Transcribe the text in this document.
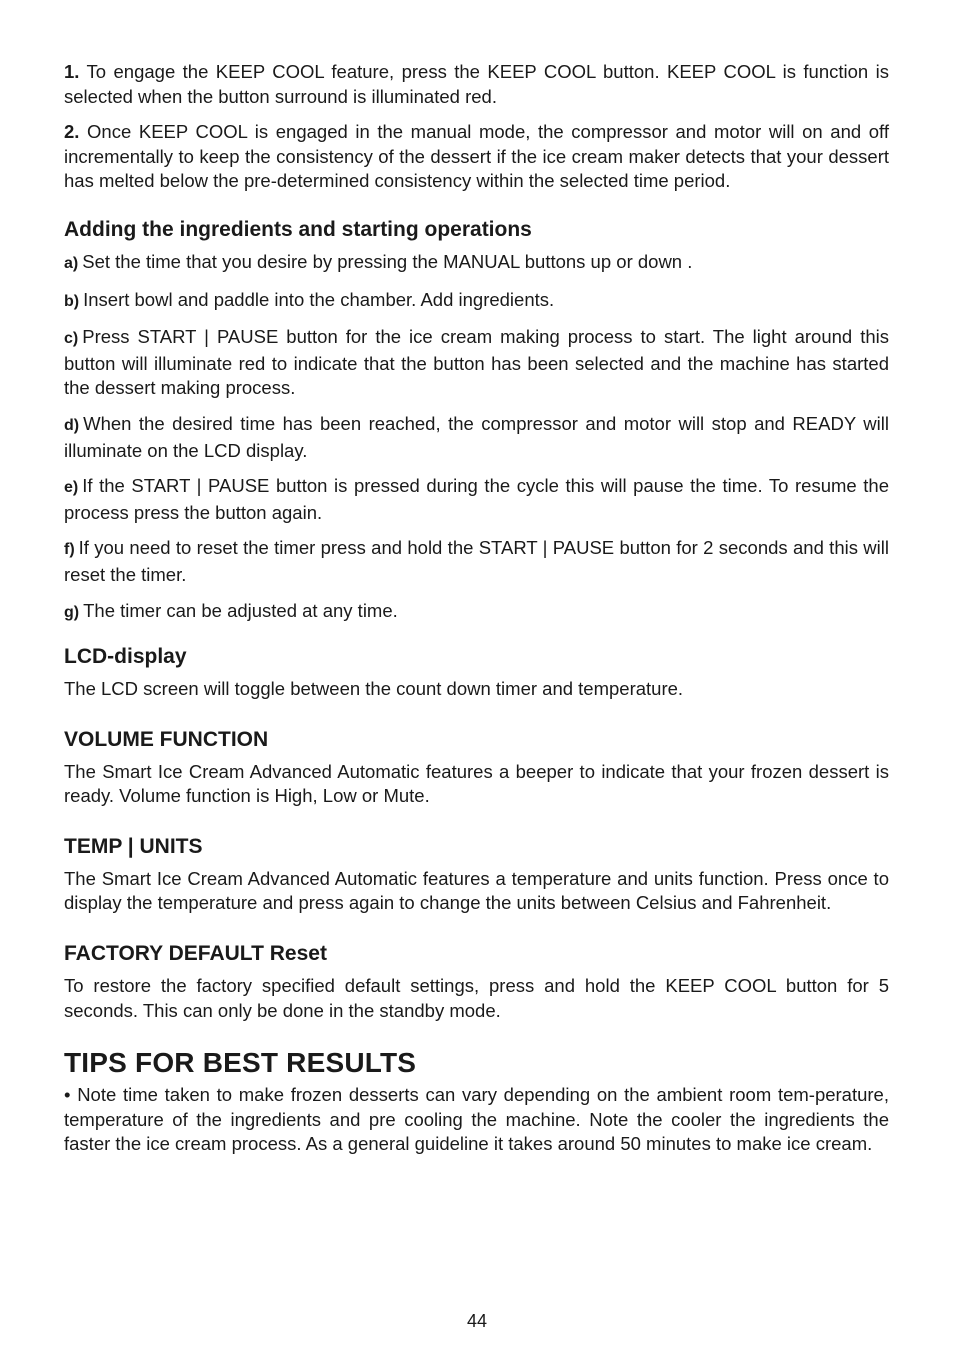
1. To engage the KEEP COOL feature, press the KEEP COOL button. KEEP COOL is function is selected when the button surround is illuminated red.

2. Once KEEP COOL is engaged in the manual mode, the compressor and motor will on and off incrementally to keep the consistency of the dessert if the ice cream maker detects that your dessert has melted below the pre-determined consistency within the selected time period.

Adding the ingredients and starting operations

a) Set the time that you desire by pressing the MANUAL buttons up or down .

b) Insert bowl and paddle into the chamber. Add ingredients.

c) Press START | PAUSE button for the ice cream making process to start. The light around this button will illuminate red to indicate that the button has been selected and the machine has started the dessert making process.

d) When the desired time has been reached, the compressor and motor will stop and READY will illuminate on the LCD display.

e) If the START | PAUSE button is pressed during the cycle this will pause the time. To resume the process press the button again.

f) If you need to reset the timer press and hold the START | PAUSE button for 2 seconds and this will reset the timer.

g) The timer can be adjusted at any time.

LCD-display

The LCD screen will toggle between the count down timer and temperature.

VOLUME FUNCTION

The Smart Ice Cream Advanced Automatic features a beeper to indicate that your frozen dessert is ready. Volume function is High, Low or Mute.

TEMP | UNITS

The Smart Ice Cream Advanced Automatic features a temperature and units function. Press once to display the temperature and press again to change the units between Celsius and Fahrenheit.

FACTORY DEFAULT Reset

To restore the factory specified default settings, press and hold the KEEP COOL button for 5 seconds. This can only be done in the standby mode.

TIPS FOR BEST RESULTS

• Note time taken to make frozen desserts can vary depending on the ambient room tem-perature, temperature of the ingredients and pre cooling the machine. Note the cooler the ingredients the faster the ice cream process. As a general guideline it takes around 50 minutes to make ice cream.

44
